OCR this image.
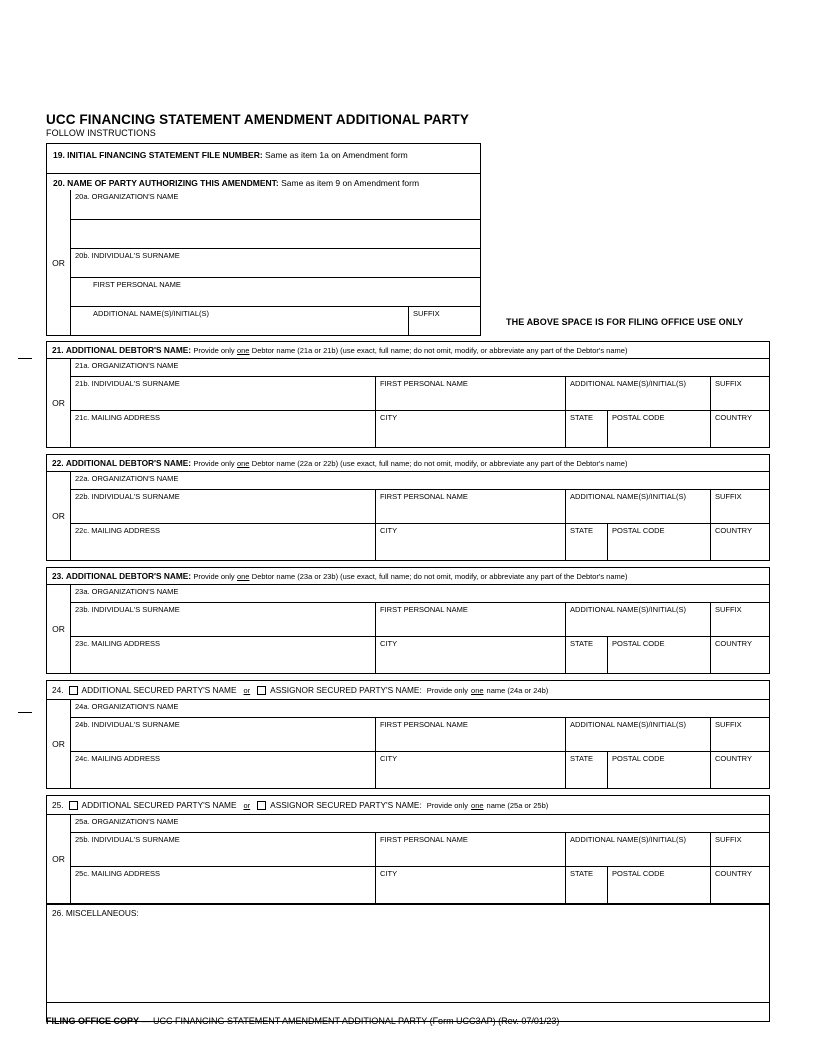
UCC FINANCING STATEMENT AMENDMENT ADDITIONAL PARTY
FOLLOW INSTRUCTIONS
19. INITIAL FINANCING STATEMENT FILE NUMBER: Same as item 1a on Amendment form
20. NAME OF PARTY AUTHORIZING THIS AMENDMENT: Same as item 9 on Amendment form
OR
20a. ORGANIZATION'S NAME
20b. INDIVIDUAL'S SURNAME
FIRST PERSONAL NAME
ADDITIONAL NAME(S)/INITIAL(S)	SUFFIX
THE ABOVE SPACE IS FOR FILING OFFICE USE ONLY
21. ADDITIONAL DEBTOR'S NAME: Provide only one Debtor name (21a or 21b) (use exact, full name; do not omit, modify, or abbreviate any part of the Debtor's name)
OR
21a. ORGANIZATION'S NAME
21b. INDIVIDUAL'S SURNAME	FIRST PERSONAL NAME	ADDITIONAL NAME(S)/INITIAL(S)	SUFFIX
21c. MAILING ADDRESS	CITY	STATE	POSTAL CODE	COUNTRY
22. ADDITIONAL DEBTOR'S NAME: Provide only one Debtor name (22a or 22b) (use exact, full name; do not omit, modify, or abbreviate any part of the Debtor's name)
OR
22a. ORGANIZATION'S NAME
22b. INDIVIDUAL'S SURNAME	FIRST PERSONAL NAME	ADDITIONAL NAME(S)/INITIAL(S)	SUFFIX
22c. MAILING ADDRESS	CITY	STATE	POSTAL CODE	COUNTRY
23. ADDITIONAL DEBTOR'S NAME: Provide only one Debtor name (23a or 23b) (use exact, full name; do not omit, modify, or abbreviate any part of the Debtor's name)
OR
23a. ORGANIZATION'S NAME
23b. INDIVIDUAL'S SURNAME	FIRST PERSONAL NAME	ADDITIONAL NAME(S)/INITIAL(S)	SUFFIX
23c. MAILING ADDRESS	CITY	STATE	POSTAL CODE	COUNTRY
24. ADDITIONAL SECURED PARTY'S NAME or ASSIGNOR SECURED PARTY'S NAME: Provide only one name (24a or 24b)
OR
24a. ORGANIZATION'S NAME
24b. INDIVIDUAL'S SURNAME	FIRST PERSONAL NAME	ADDITIONAL NAME(S)/INITIAL(S)	SUFFIX
24c. MAILING ADDRESS	CITY	STATE	POSTAL CODE	COUNTRY
25. ADDITIONAL SECURED PARTY'S NAME or ASSIGNOR SECURED PARTY'S NAME: Provide only one name (25a or 25b)
OR
25a. ORGANIZATION'S NAME
25b. INDIVIDUAL'S SURNAME	FIRST PERSONAL NAME	ADDITIONAL NAME(S)/INITIAL(S)	SUFFIX
25c. MAILING ADDRESS	CITY	STATE	POSTAL CODE	COUNTRY
26. MISCELLANEOUS:
FILING OFFICE COPY — UCC FINANCING STATEMENT AMENDMENT ADDITIONAL PARTY (Form UCC3AP) (Rev. 07/01/23)
